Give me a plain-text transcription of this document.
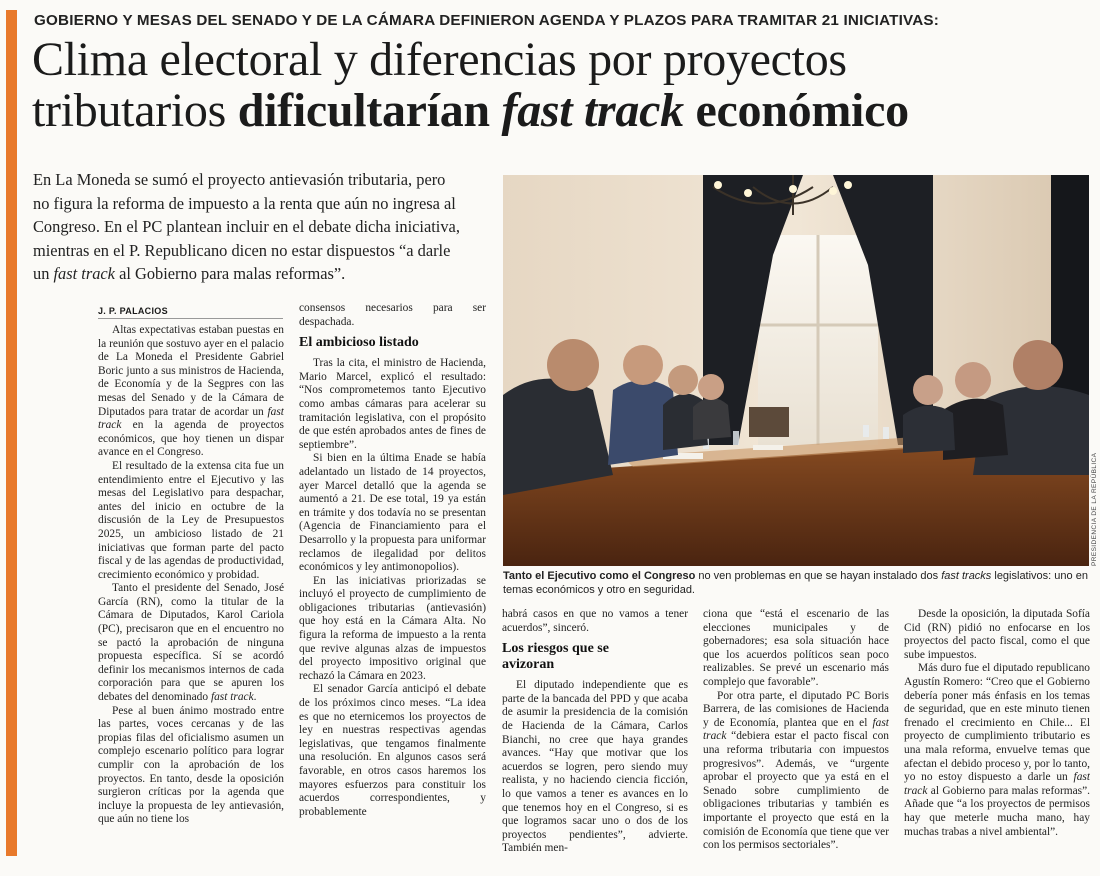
GOBIERNO Y MESAS DEL SENADO Y DE LA CÁMARA DEFINIERON AGENDA Y PLAZOS PARA TRAMITAR 21 INICIATIVAS:
Clima electoral y diferencias por proyectos
tributarios dificultarían fast track económico
En La Moneda se sumó el proyecto antievasión tributaria, pero
no figura la reforma de impuesto a la renta que aún no ingresa al
Congreso. En el PC plantean incluir en el debate dicha iniciativa,
mientras en el P. Republicano dicen no estar dispuestos “a darle
un fast track al Gobierno para malas reformas”.
J. P. PALACIOS
PRESIDENCIA DE LA REPÚBLICA
Tanto el Ejecutivo como el Congreso no ven problemas en que se hayan instalado dos fast tracks legislativos: uno en temas económicos y otro en seguridad.

Altas expectativas estaban puestas en la reunión que sostuvo ayer en el palacio de La Moneda el Presidente Gabriel Boric junto a sus ministros de Hacienda, de Economía y de la Segpres con las mesas del Senado y de la Cámara de Diputados para tratar de acordar un fast track en la agenda de proyectos económicos, que hoy tienen un dispar avance en el Congreso.

El resultado de la extensa cita fue un entendimiento entre el Ejecutivo y las mesas del Legislativo para despachar, antes del inicio en octubre de la discusión de la Ley de Presupuestos 2025, un ambicioso listado de 21 iniciativas que forman parte del pacto fiscal y de las agendas de productividad, crecimiento económico y probidad.

Tanto el presidente del Senado, José García (RN), como la titular de la Cámara de Diputados, Karol Cariola (PC), precisaron que en el encuentro no se pactó la aprobación de ninguna propuesta específica. Sí se acordó definir los mecanismos internos de cada corporación para que se apuren los debates del denominado fast track.

Pese al buen ánimo mostrado entre las partes, voces cercanas y de las propias filas del oficialismo asumen un complejo escenario político para lograr cumplir con la aprobación de los proyectos. En tanto, desde la oposición surgieron críticas por la agenda que incluye la propuesta de ley antievasión, que aún no tiene los

consensos necesarios para ser despachada.

El ambicioso listado

Tras la cita, el ministro de Hacienda, Mario Marcel, explicó el resultado: “Nos comprometemos tanto Ejecutivo como ambas cámaras para acelerar su tramitación legislativa, con el propósito de que estén aprobados antes de fines de septiembre”.

Si bien en la última Enade se había adelantado un listado de 14 proyectos, ayer Marcel detalló que la agenda se aumentó a 21. De ese total, 19 ya están en trámite y dos todavía no se presentan (Agencia de Financiamiento para el Desarrollo y la propuesta para uniformar reclamos de ilegalidad por delitos económicos y ley antimonopolios).

En las iniciativas priorizadas se incluyó el proyecto de cumplimiento de obligaciones tributarias (antievasión) que hoy está en la Cámara Alta. No figura la reforma de impuesto a la renta que revive algunas alzas de impuestos del proyecto impositivo original que rechazó la Cámara en 2023.

El senador García anticipó el debate de los próximos cinco meses. “La idea es que no eternicemos los proyectos de ley en nuestras respectivas agendas legislativas, que tengamos finalmente una resolución. En algunos casos será favorable, en otros casos haremos los mayores esfuerzos para constituir los acuerdos correspondientes, y probablemente

habrá casos en que no vamos a tener acuerdos”, sinceró.

Los riesgos que se avizoran

El diputado independiente que es parte de la bancada del PPD y que acaba de asumir la presidencia de la comisión de Hacienda de la Cámara, Carlos Bianchi, no cree que haya grandes avances. “Hay que motivar que los acuerdos se logren, pero siendo muy realista, y no haciendo ciencia ficción, lo que vamos a tener es avances en lo que tenemos hoy en el Congreso, si es que logramos sacar uno o dos de los proyectos pendientes”, advierte. También men-

ciona que “está el escenario de las elecciones municipales y de gobernadores; esa sola situación hace que los acuerdos políticos sean poco realizables. Se prevé un escenario más complejo que favorable”.

Por otra parte, el diputado PC Boris Barrera, de las comisiones de Hacienda y de Economía, plantea que en el fast track “debiera estar el pacto fiscal con una reforma tributaria con impuestos progresivos”. Además, ve “urgente aprobar el proyecto que ya está en el Senado sobre cumplimiento de obligaciones tributarias y también es importante el proyecto que está en la comisión de Economía que tiene que ver con los permisos sectoriales”.

Desde la oposición, la diputada Sofía Cid (RN) pidió no enfocarse en los proyectos del pacto fiscal, como el que sube impuestos.

Más duro fue el diputado republicano Agustín Romero: “Creo que el Gobierno debería poner más énfasis en los temas de seguridad, que en este minuto tienen frenado el crecimiento en Chile... El proyecto de cumplimiento tributario es una mala reforma, envuelve temas que afectan el debido proceso y, por lo tanto, yo no estoy dispuesto a darle un fast track al Gobierno para malas reformas”. Añade que “a los proyectos de permisos hay que meterle mucha mano, hay muchas trabas a nivel ambiental”.
